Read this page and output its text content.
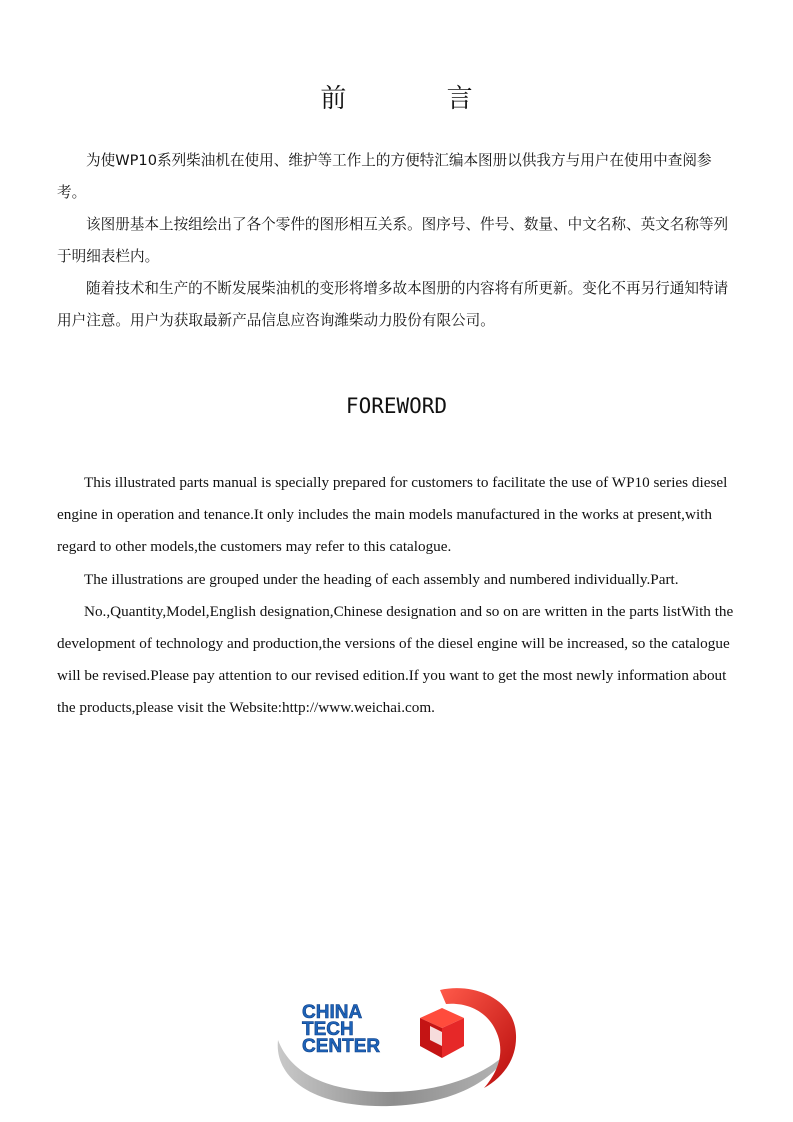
前 言

为使WP10系列柴油机在使用、维护等工作上的方便特汇编本图册以供我方与用户在使用中查阅参考。

该图册基本上按组绘出了各个零件的图形相互关系。图序号、件号、数量、中文名称、英文名称等列于明细表栏内。

随着技术和生产的不断发展柴油机的变形将增多故本图册的内容将有所更新。变化不再另行通知特请用户注意。用户为获取最新产品信息应咨询潍柴动力股份有限公司。

FOREWORD

This illustrated parts manual is specially prepared for customers to facilitate the use of WP10 series diesel engine in operation and tenance.It only includes the main models manufactured in the works at present,with regard to other models,the customers may refer to this catalogue.

The illustrations are grouped under the heading of each assembly and numbered individually.Part.

No.,Quantity,Model,English designation,Chinese designation and so on are written in the parts listWith the development of technology and production,the versions of the diesel engine will be increased, so the catalogue will be revised.Please pay attention to our revised edition.If you want to get the most newly information about the products,please visit the Website:http://www.weichai.com.

CHINA
TECH
CENTER
